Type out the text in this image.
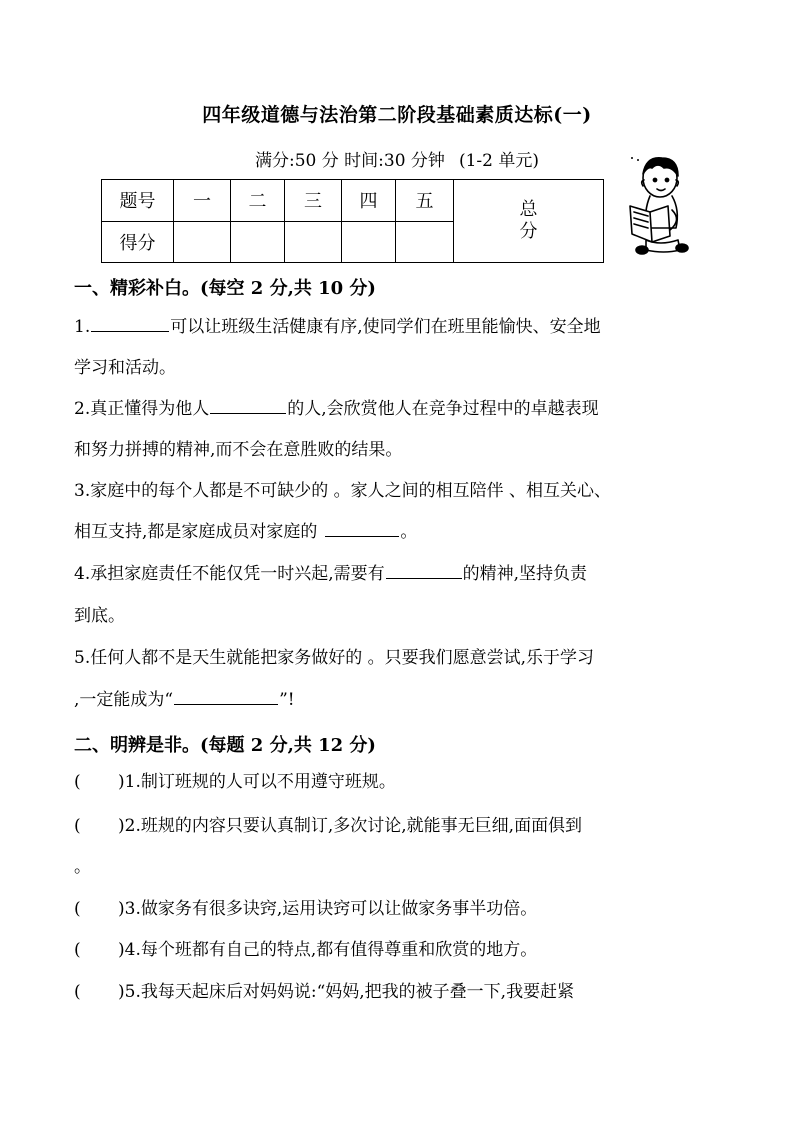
四年级道德与法治第二阶段基础素质达标(一)
满分:50 分 时间:30 分钟 (1-2 单元)
题号	一	二	三	四	五	总
分

得分						
一、精彩补白。(每空 2 分,共 10 分)
1.	可以让班级生活健康有序,使同学们在班里能愉快、安全地
学习和活动。
2.真正懂得为他人	的人,会欣赏他人在竞争过程中的卓越表现
和努力拼搏的精神,而不会在意胜败的结果。
3.家庭中的每个人都是不可缺少的 。家人之间的相互陪伴 、相互关心、
相互支持,都是家庭成员对家庭的	。
4.承担家庭责任不能仅凭一时兴起,需要有	的精神,坚持负责
到底。
5.任何人都不是天生就能把家务做好的 。只要我们愿意尝试,乐于学习
,一定能成为“	”!
二、明辨是非。(每题 2 分,共 12 分)
( )1.制订班规的人可以不用遵守班规。
( )2.班规的内容只要认真制订,多次讨论,就能事无巨细,面面俱到
。
( )3.做家务有很多诀窍,运用诀窍可以让做家务事半功倍。
( )4.每个班都有自己的特点,都有值得尊重和欣赏的地方。
( )5.我每天起床后对妈妈说:“妈妈,把我的被子叠一下,我要赶紧
